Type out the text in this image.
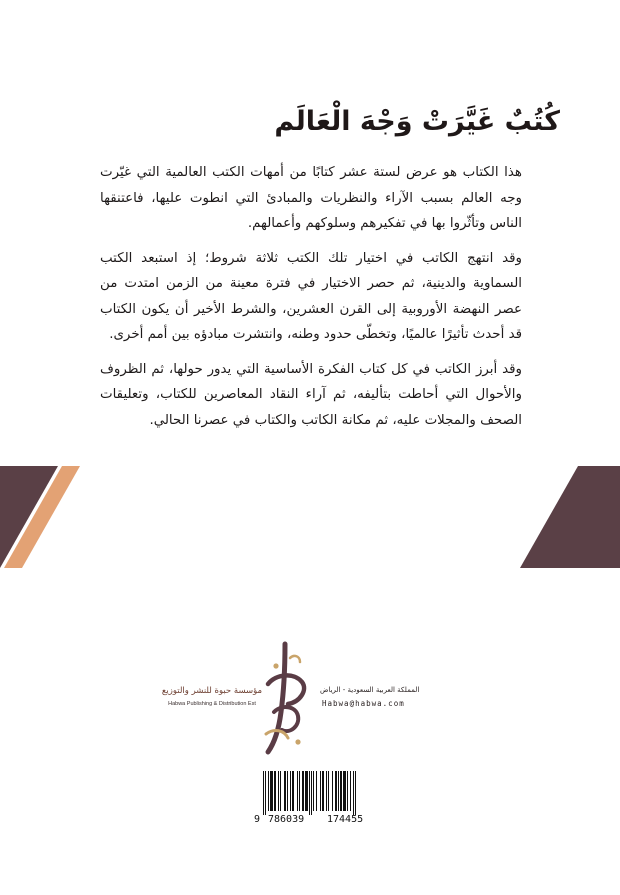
كُتُبٌ غَيَّرَتْ وَجْهَ الْعَالَم

هذا الكتاب هو عرض لستة عشر كتابًا من أمهات الكتب العالمية التي غيّرت وجه العالم بسبب الآراء والنظريات والمبادئ التي انطوت عليها، فاعتنقها الناس وتأثّروا بها في تفكيرهم وسلوكهم وأعمالهم.

وقد انتهج الكاتب في اختيار تلك الكتب ثلاثة شروط؛ إذ استبعد الكتب السماوية والدينية، ثم حصر الاختيار في فترة معينة من الزمن امتدت من عصر النهضة الأوروبية إلى القرن العشرين، والشرط الأخير أن يكون الكتاب قد أحدث تأثيرًا عالميًا، وتخطّى حدود وطنه، وانتشرت مبادؤه بين أمم أخرى.

وقد أبرز الكاتب في كل كتاب الفكرة الأساسية التي يدور حولها، ثم الظروف والأحوال التي أحاطت بتأليفه، ثم آراء النقاد المعاصرين للكتاب، وتعليقات الصحف والمجلات عليه، ثم مكانة الكاتب والكتاب في عصرنا الحالي.

مؤسسة حبوة للنشر والتوزيع
Habwa Publishing & Distribution Est
المملكة العربية السعودية - الرياض
Habwa@habwa.com
9 786039 174455
